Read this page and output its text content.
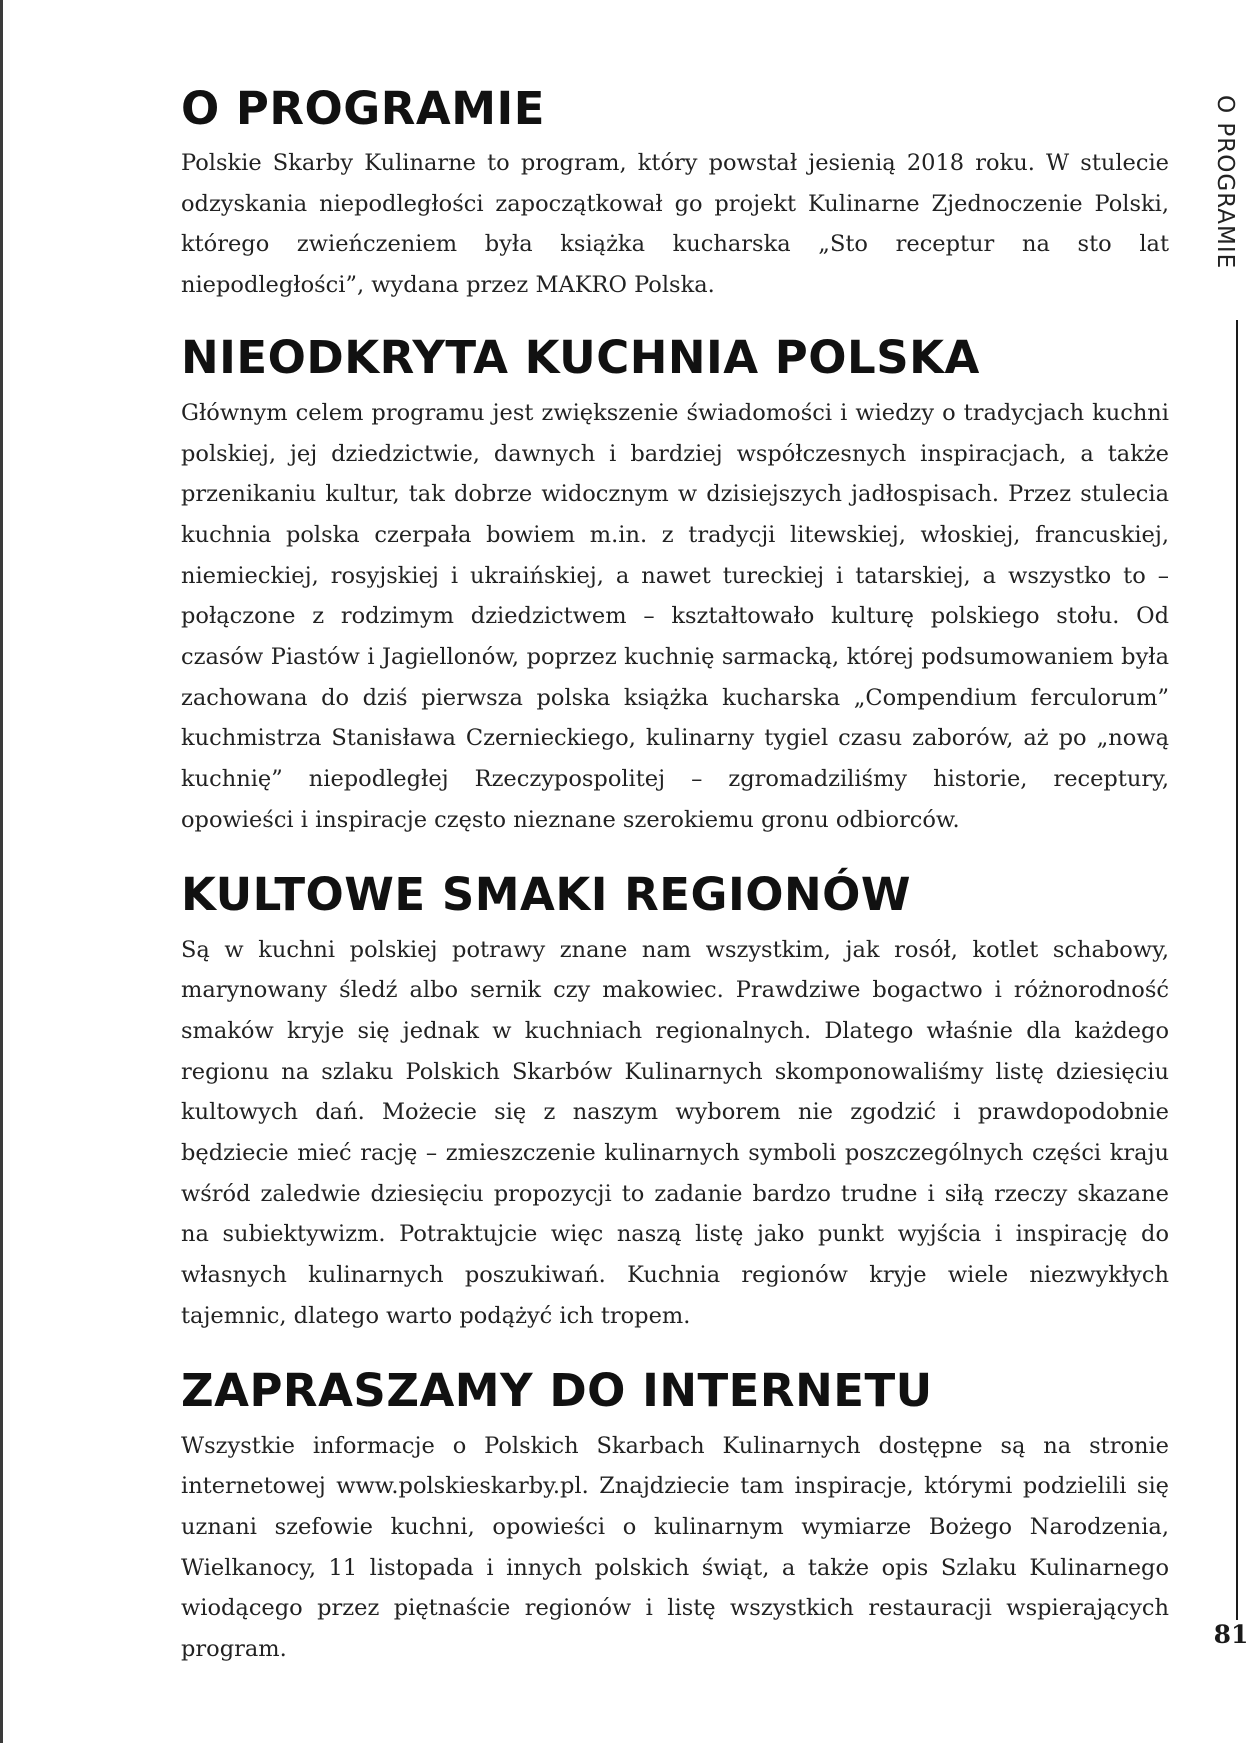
O PROGRAMIE

Polskie Skarby Kulinarne to program, który powstał jesienią 2018 roku. W stulecie odzyskania niepodległości zapoczątkował go projekt Kulinarne Zjednoczenie Polski, którego zwieńczeniem była książka kucharska „Sto receptur na sto lat niepodległości”, wydana przez MAKRO Polska.

NIEODKRYTA KUCHNIA POLSKA

Głównym celem programu jest zwiększenie świadomości i wiedzy o tradycjach kuchni polskiej, jej dziedzictwie, dawnych i bardziej współczesnych inspiracjach, a także przenikaniu kultur, tak dobrze widocznym w dzisiejszych jadłospisach. Przez stulecia kuchnia polska czerpała bowiem m.in. z tradycji litewskiej, włoskiej, francuskiej, niemieckiej, rosyjskiej i ukraińskiej, a nawet tureckiej i tatarskiej, a wszystko to – połączone z rodzimym dziedzictwem – kształtowało kulturę polskiego stołu. Od czasów Piastów i Jagiellonów, poprzez kuchnię sarmacką, której podsumowaniem była zachowana do dziś pierwsza polska książka kucharska „Compendium ferculorum” kuchmistrza Stanisława Czernieckiego, kulinarny tygiel czasu zaborów, aż po „nową kuchnię” niepodległej Rzeczypospolitej – zgromadziliśmy historie, receptury, opowieści i inspiracje często nieznane szerokiemu gronu odbiorców.

KULTOWE SMAKI REGIONÓW

Są w kuchni polskiej potrawy znane nam wszystkim, jak rosół, kotlet schabowy, marynowany śledź albo sernik czy makowiec. Prawdziwe bogactwo i różnorodność smaków kryje się jednak w kuchniach regionalnych. Dlatego właśnie dla każdego regionu na szlaku Polskich Skarbów Kulinarnych skomponowaliśmy listę dziesięciu kultowych dań. Możecie się z naszym wyborem nie zgodzić i prawdopodobnie będziecie mieć rację – zmieszczenie kulinarnych symboli poszczególnych części kraju wśród zaledwie dziesięciu propozycji to zadanie bardzo trudne i siłą rzeczy skazane na subiektywizm. Potraktujcie więc naszą listę jako punkt wyjścia i inspirację do własnych kulinarnych poszukiwań. Kuchnia regionów kryje wiele niezwykłych tajemnic, dlatego warto podążyć ich tropem.

ZAPRASZAMY DO INTERNETU

Wszystkie informacje o Polskich Skarbach Kulinarnych dostępne są na stronie internetowej www.polskieskarby.pl. Znajdziecie tam inspiracje, którymi podzielili się uznani szefowie kuchni, opowieści o kulinarnym wymiarze Bożego Narodzenia, Wielkanocy, 11 listopada i innych polskich świąt, a także opis Szlaku Kulinarnego wiodącego przez piętnaście regionów i listę wszystkich restauracji wspierających program.

O PROGRAMIE
81
